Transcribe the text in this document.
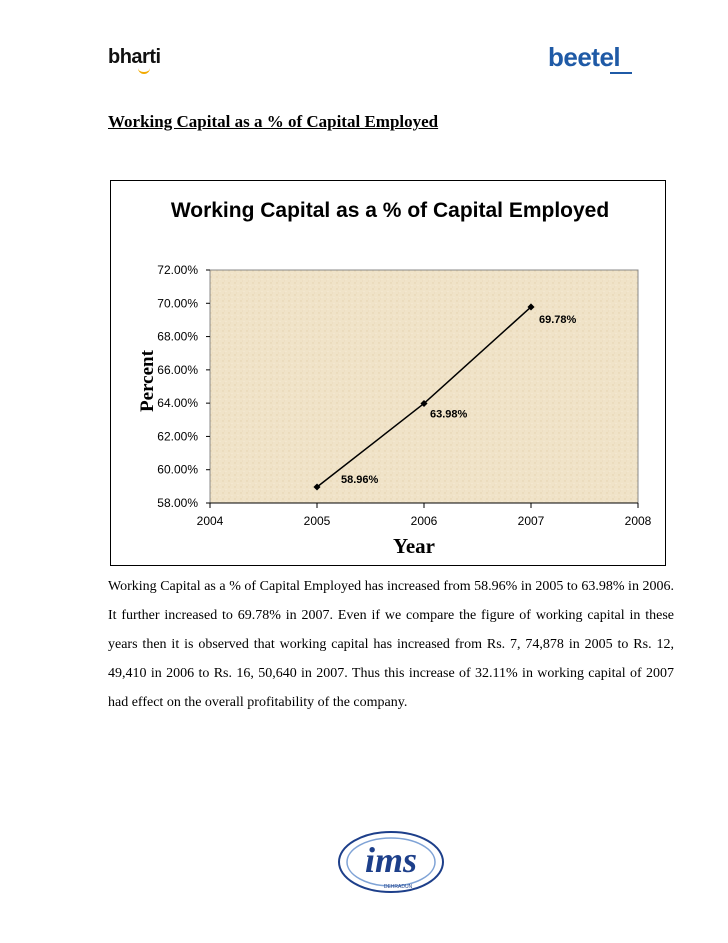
bharti	beetel
Working Capital as a % of Capital Employed
Working Capital as a % of Capital Employed
Percent
Year
72.00%
70.00%
68.00%
66.00%
64.00%
62.00%
60.00%
58.00%
2004	2005	2006	2007	2008
58.96%
63.98%
69.78%
Working Capital as a % of Capital Employed has increased from 58.96% in 2005 to 63.98% in 2006. It further increased to 69.78% in 2007. Even if we compare the figure of working capital in these years then it is observed that working capital has increased from Rs. 7, 74,878 in 2005 to Rs. 12, 49,410 in 2006 to Rs. 16, 50,640 in 2007. Thus this increase of 32.11% in working capital of 2007 had effect on the overall profitability of the company.
ims
DEHRADUN
